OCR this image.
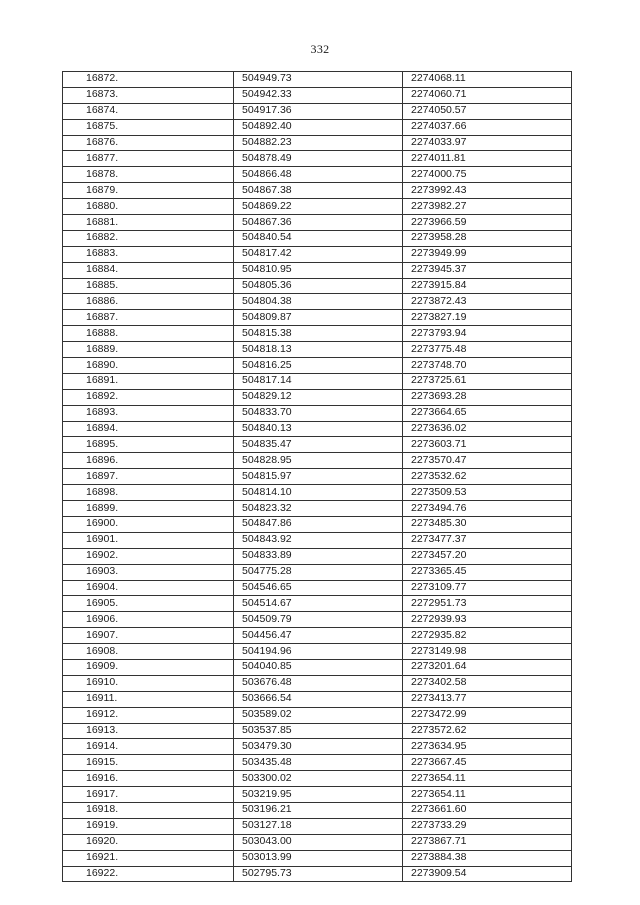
332
16872.	504949.73	2274068.11
16873.	504942.33	2274060.71
16874.	504917.36	2274050.57
16875.	504892.40	2274037.66
16876.	504882.23	2274033.97
16877.	504878.49	2274011.81
16878.	504866.48	2274000.75
16879.	504867.38	2273992.43
16880.	504869.22	2273982.27
16881.	504867.36	2273966.59
16882.	504840.54	2273958.28
16883.	504817.42	2273949.99
16884.	504810.95	2273945.37
16885.	504805.36	2273915.84
16886.	504804.38	2273872.43
16887.	504809.87	2273827.19
16888.	504815.38	2273793.94
16889.	504818.13	2273775.48
16890.	504816.25	2273748.70
16891.	504817.14	2273725.61
16892.	504829.12	2273693.28
16893.	504833.70	2273664.65
16894.	504840.13	2273636.02
16895.	504835.47	2273603.71
16896.	504828.95	2273570.47
16897.	504815.97	2273532.62
16898.	504814.10	2273509.53
16899.	504823.32	2273494.76
16900.	504847.86	2273485.30
16901.	504843.92	2273477.37
16902.	504833.89	2273457.20
16903.	504775.28	2273365.45
16904.	504546.65	2273109.77
16905.	504514.67	2272951.73
16906.	504509.79	2272939.93
16907.	504456.47	2272935.82
16908.	504194.96	2273149.98
16909.	504040.85	2273201.64
16910.	503676.48	2273402.58
16911.	503666.54	2273413.77
16912.	503589.02	2273472.99
16913.	503537.85	2273572.62
16914.	503479.30	2273634.95
16915.	503435.48	2273667.45
16916.	503300.02	2273654.11
16917.	503219.95	2273654.11
16918.	503196.21	2273661.60
16919.	503127.18	2273733.29
16920.	503043.00	2273867.71
16921.	503013.99	2273884.38
16922.	502795.73	2273909.54
